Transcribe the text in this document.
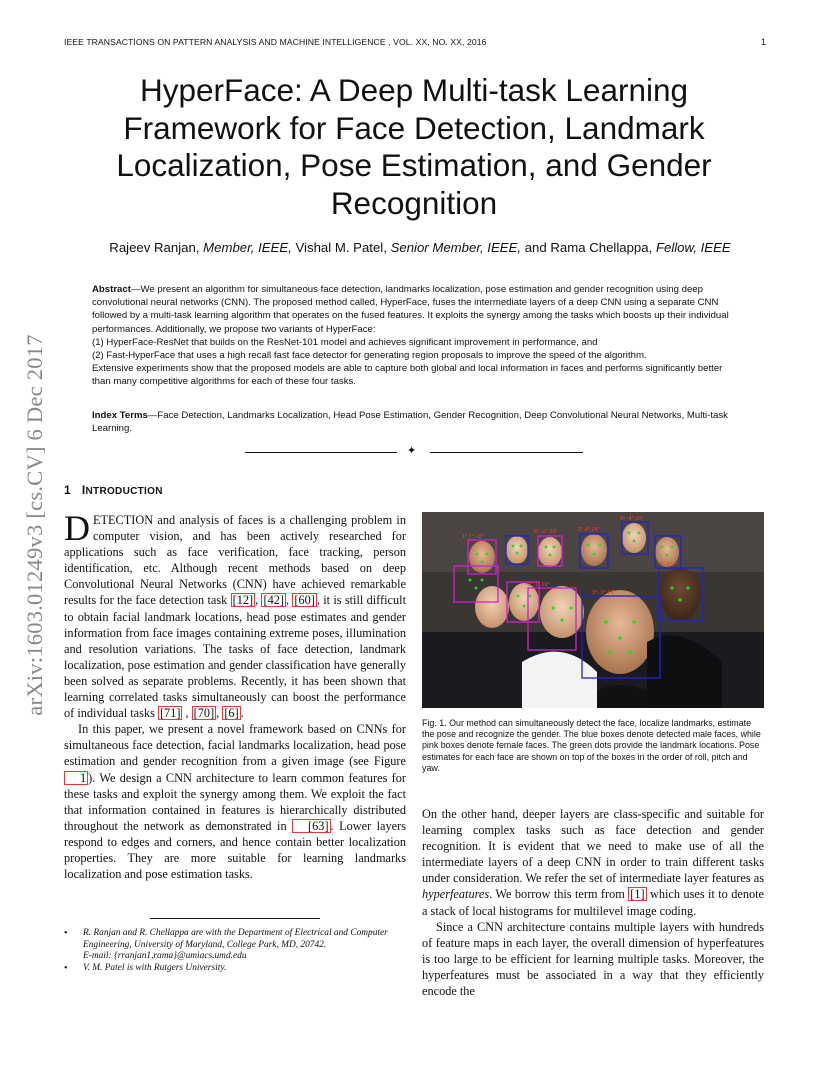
IEEE TRANSACTIONS ON PATTERN ANALYSIS AND MACHINE INTELLIGENCE , VOL. XX, NO. XX, 2016	1
HyperFace: A Deep Multi-task Learning Framework for Face Detection, Landmark Localization, Pose Estimation, and Gender Recognition
Rajeev Ranjan, Member, IEEE, Vishal M. Patel, Senior Member, IEEE, and Rama Chellappa, Fellow, IEEE
arXiv:1603.01249v3 [cs.CV] 6 Dec 2017

Abstract—We present an algorithm for simultaneous face detection, landmarks localization, pose estimation and gender recognition using deep convolutional neural networks (CNN). The proposed method called, HyperFace, fuses the intermediate layers of a deep CNN using a separate CNN followed by a multi-task learning algorithm that operates on the fused features. It exploits the synergy among the tasks which boosts up their individual performances. Additionally, we propose two variants of HyperFace:

(1) HyperFace-ResNet that builds on the ResNet-101 model and achieves significant improvement in performance, and

(2) Fast-HyperFace that uses a high recall fast face detector for generating region proposals to improve the speed of the algorithm.

Extensive experiments show that the proposed models are able to capture both global and local information in faces and performs significantly better than many competitive algorithms for each of these four tasks.

Index Terms—Face Detection, Landmarks Localization, Head Pose Estimation, Gender Recognition, Deep Convolutional Neural Networks, Multi-task Learning.
✦
1 INTRODUCTION

DETECTION and analysis of faces is a challenging problem in computer vision, and has been actively researched for applications such as face verification, face tracking, person identification, etc. Although recent methods based on deep Convolutional Neural Networks (CNN) have achieved remarkable results for the face detection task [12] , [42] , [60] , it is still difficult to obtain facial landmark locations, head pose estimates and gender information from face images containing extreme poses, illumination and resolution variations. The tasks of face detection, landmark localization, pose estimation and gender classification have generally been solved as separate problems. Recently, it has been shown that learning correlated tasks simultaneously can boost the performance of individual tasks [71] , [70] , [6] .

In this paper, we present a novel framework based on CNNs for simultaneous face detection, facial landmarks localization, head pose estimation and gender recognition from a given image (see Figure 1 ). We design a CNN architecture to learn common features for these tasks and exploit the synergy among them. We exploit the fact that information contained in features is hierarchically distributed throughout the network as demonstrated in [63] . Lower layers respond to edges and corners, and hence contain better localization properties. They are more suitable for learning landmarks localization and pose estimation tasks.

• R. Ranjan and R. Chellappa are with the Department of Electrical and Computer Engineering, University of Maryland, College Park, MD, 20742.
E-mail: {rranjan1,rama}@umiacs.umd.edu
• V. M. Patel is with Rutgers University.
4°,-4°,10°
1°,7°,18°
5°,-2°,22°	2°,4°,24°
3°,-3°,14°
-3°,1°,19°
7°,5°,7°
Fig. 1. Our method can simultaneously detect the face, localize landmarks, estimate the pose and recognize the gender. The blue boxes denote detected male faces, while pink boxes denote female faces. The green dots provide the landmark locations. Pose estimates for each face are shown on top of the boxes in the order of roll, pitch and yaw.

On the other hand, deeper layers are class-specific and suitable for learning complex tasks such as face detection and gender recognition. It is evident that we need to make use of all the intermediate layers of a deep CNN in order to train different tasks under consideration. We refer the set of intermediate layer features as hyperfeatures. We borrow this term from [1] which uses it to denote a stack of local histograms for multilevel image coding.

Since a CNN architecture contains multiple layers with hundreds of feature maps in each layer, the overall dimension of hyperfeatures is too large to be efficient for learning multiple tasks. Moreover, the hyperfeatures must be associated in a way that they efficiently encode the
